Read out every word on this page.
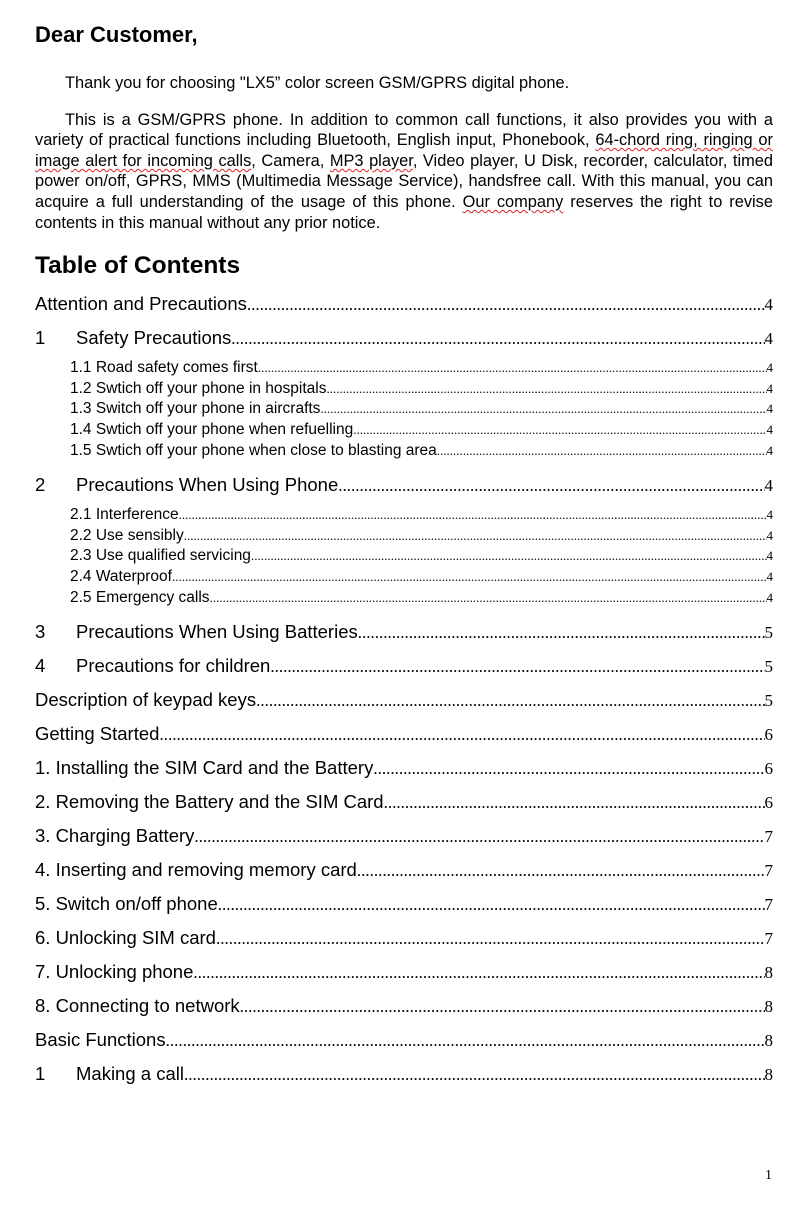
Dear Customer,

Thank you for choosing "LX5” color screen GSM/GPRS digital phone.

This is a GSM/GPRS phone. In addition to common call functions, it also provides you with a variety of practical functions including Bluetooth, English input, Phonebook, 64-chord ring, ringing or image alert for incoming calls, Camera, MP3 player, Video player, U Disk, recorder, calculator, timed power on/off, GPRS, MMS (Multimedia Message Service), handsfree call. With this manual, you can acquire a full understanding of the usage of this phone. Our company reserves the right to revise contents in this manual without any prior notice.

Table of Contents
Attention and Precautions .....	4
1 Safety Precautions .....	4
1.1 Road safety comes first .....	4
1.2 Swtich off your phone in hospitals .....	4
1.3 Switch off your phone in aircrafts .....	4
1.4 Swtich off your phone when refuelling .....	4
1.5 Swtich off your phone when close to blasting area .....	4
2 Precautions When Using Phone .....	4
2.1 Interference .....	4
2.2 Use sensibly .....	4
2.3 Use qualified servicing .....	4
2.4 Waterproof .....	4
2.5 Emergency calls .....	4
3 Precautions When Using Batteries .....	5
4 Precautions for children .....	5
Description of keypad keys .....	5
Getting Started .....	6
1. Installing the SIM Card and the Battery .....	6
2. Removing the Battery and the SIM Card .....	6
3. Charging Battery .....	7
4. Inserting and removing memory card .....	7
5. Switch on/off phone .....	7
6. Unlocking SIM card .....	7
7. Unlocking phone .....	8
8. Connecting to network .....	8
Basic Functions .....	8
1 Making a call .....	8
1
